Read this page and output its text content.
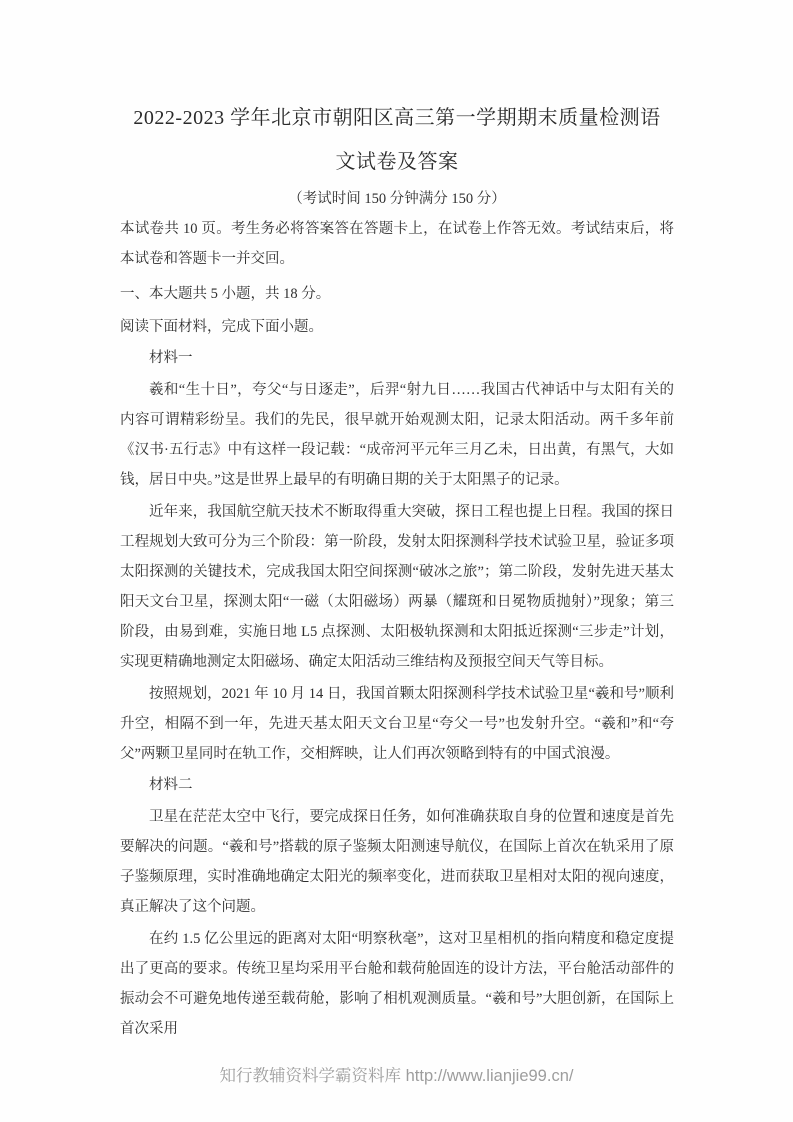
2022-2023 学年北京市朝阳区高三第一学期期末质量检测语
文试卷及答案
（考试时间 150 分钟满分 150 分）

本试卷共 10 页。考生务必将答案答在答题卡上，在试卷上作答无效。考试结束后，将本试卷和答题卡一并交回。

一、本大题共 5 小题，共 18 分。

阅读下面材料，完成下面小题。

材料一

羲和“生十日”，夸父“与日逐走”，后羿“射九日……我国古代神话中与太阳有关的内容可谓精彩纷呈。我们的先民，很早就开始观测太阳，记录太阳活动。两千多年前《汉书·五行志》中有这样一段记载：“成帝河平元年三月乙未，日出黄，有黑气，大如钱，居日中央。”这是世界上最早的有明确日期的关于太阳黑子的记录。

近年来，我国航空航天技术不断取得重大突破，探日工程也提上日程。我国的探日工程规划大致可分为三个阶段：第一阶段，发射太阳探测科学技术试验卫星，验证多项太阳探测的关键技术，完成我国太阳空间探测“破冰之旅”；第二阶段，发射先进天基太阳天文台卫星，探测太阳“一磁（太阳磁场）两暴（耀斑和日冕物质抛射）”现象；第三阶段，由易到难，实施日地 L5 点探测、太阳极轨探测和太阳抵近探测“三步走”计划，实现更精确地测定太阳磁场、确定太阳活动三维结构及预报空间天气等目标。

按照规划，2021 年 10 月 14 日，我国首颗太阳探测科学技术试验卫星“羲和号”顺利升空，相隔不到一年，先进天基太阳天文台卫星“夸父一号”也发射升空。“羲和”和“夸父”两颗卫星同时在轨工作，交相辉映，让人们再次领略到特有的中国式浪漫。

材料二

卫星在茫茫太空中飞行，要完成探日任务，如何准确获取自身的位置和速度是首先要解决的问题。“羲和号”搭载的原子鉴频太阳测速导航仪，在国际上首次在轨采用了原子鉴频原理，实时准确地确定太阳光的频率变化，进而获取卫星相对太阳的视向速度，真正解决了这个问题。

在约 1.5 亿公里远的距离对太阳“明察秋毫”，这对卫星相机的指向精度和稳定度提出了更高的要求。传统卫星均采用平台舱和载荷舱固连的设计方法，平台舱活动部件的振动会不可避免地传递至载荷舱，影响了相机观测质量。“羲和号”大胆创新，在国际上首次采用

知行教辅资料学霸资料库 http://www.lianjie99.cn/
